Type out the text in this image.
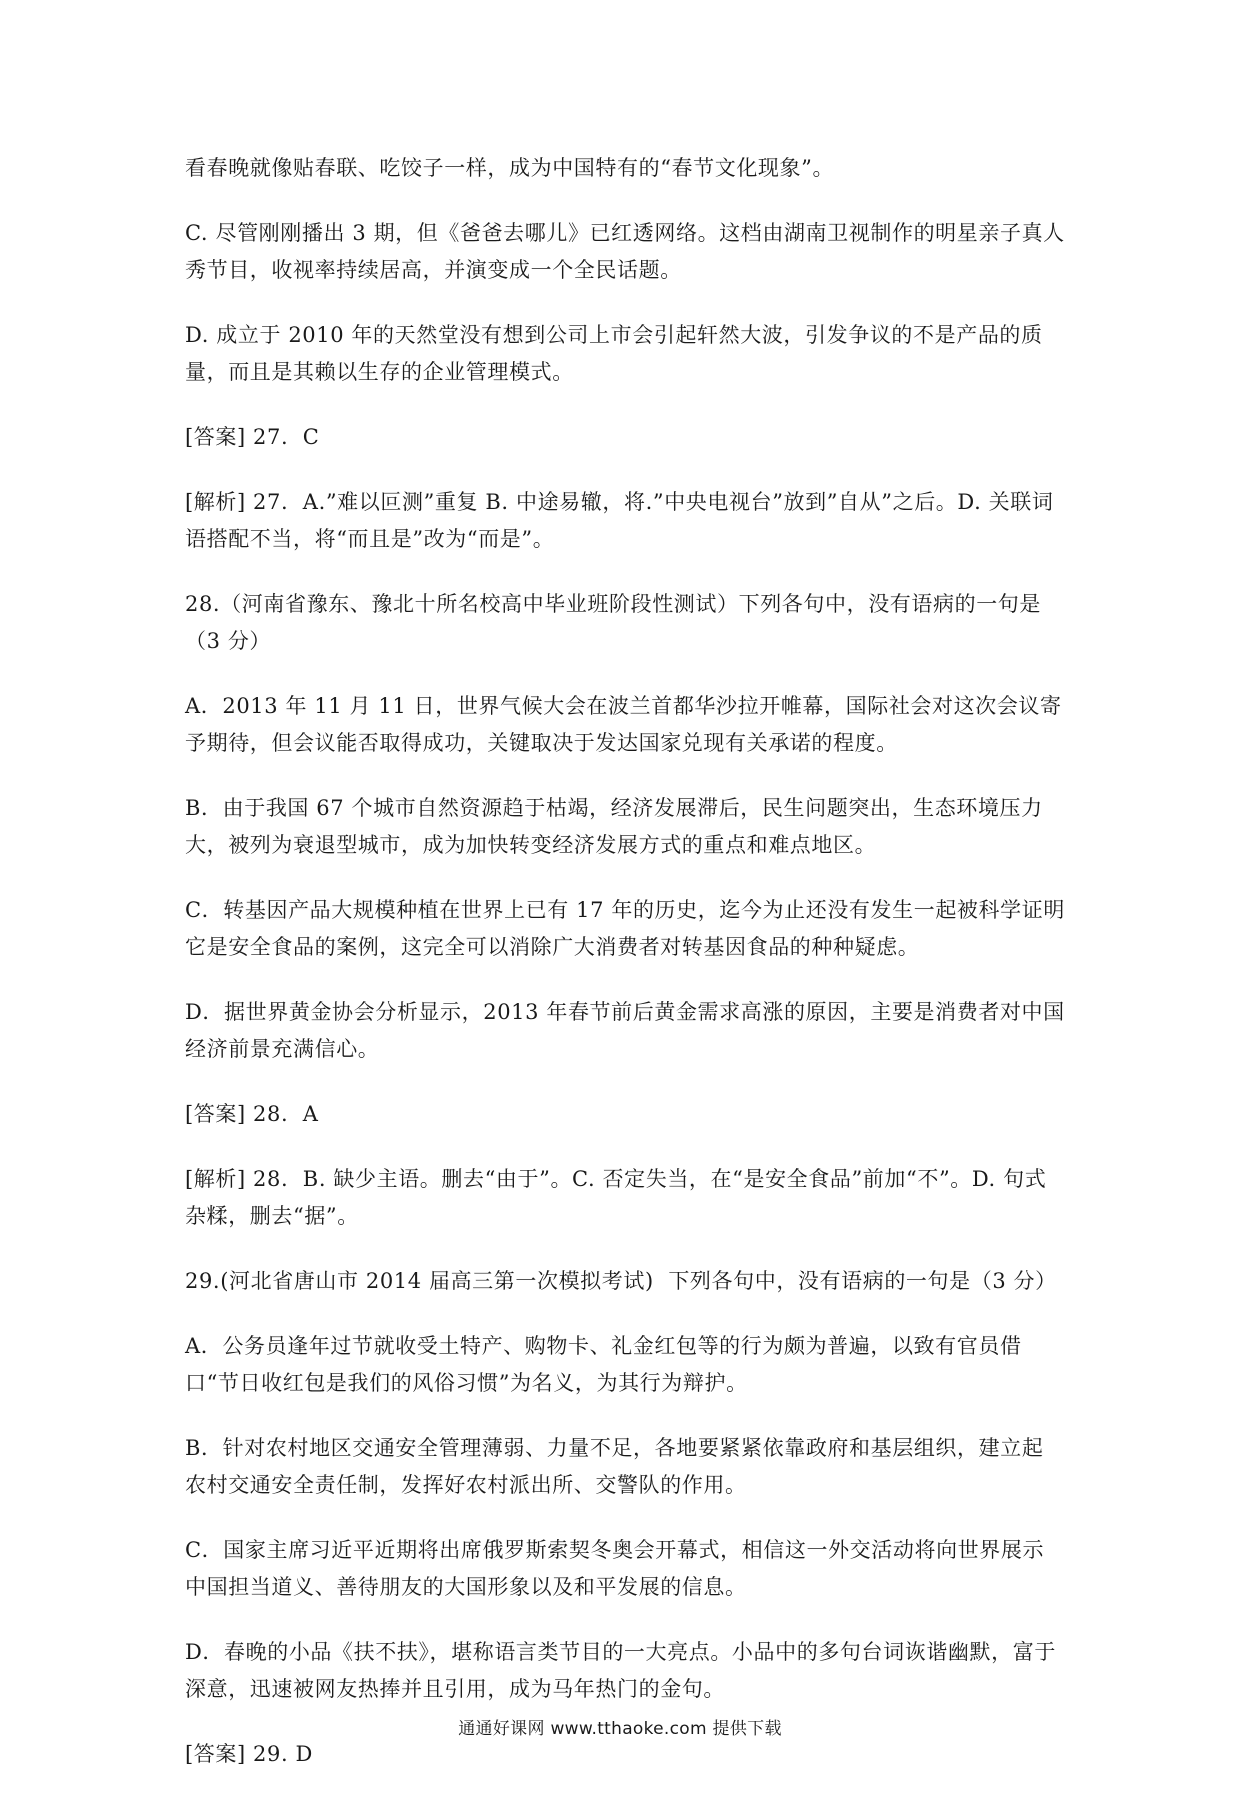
看春晚就像贴春联、吃饺子一样，成为中国特有的“春节文化现象”。

C. 尽管刚刚播出 3 期，但《爸爸去哪儿》已红透网络。这档由湖南卫视制作的明星亲子真人秀节目，收视率持续居高，并演变成一个全民话题。

D. 成立于 2010 年的天然堂没有想到公司上市会引起轩然大波，引发争议的不是产品的质量，而且是其赖以生存的企业管理模式。

[答案] 27.  C

[解析] 27.  A.”难以叵测”重复 B. 中途易辙，将.”中央电视台”放到”自从”之后。D. 关联词语搭配不当，将“而且是”改为“而是”。

28.（河南省豫东、豫北十所名校高中毕业班阶段性测试）下列各句中，没有语病的一句是（3 分）

A．2013 年 11 月 11 日，世界气候大会在波兰首都华沙拉开帷幕，国际社会对这次会议寄予期待，但会议能否取得成功，关键取决于发达国家兑现有关承诺的程度。

B．由于我国 67 个城市自然资源趋于枯竭，经济发展滞后，民生问题突出，生态环境压力大，被列为衰退型城市，成为加快转变经济发展方式的重点和难点地区。

C．转基因产品大规模种植在世界上已有 17 年的历史，迄今为止还没有发生一起被科学证明它是安全食品的案例，这完全可以消除广大消费者对转基因食品的种种疑虑。

D．据世界黄金协会分析显示，2013 年春节前后黄金需求高涨的原因，主要是消费者对中国经济前景充满信心。

[答案] 28.  A

[解析] 28.  B. 缺少主语。删去“由于”。C. 否定失当，在“是安全食品”前加“不”。D. 句式杂糅，删去“据”。

29.(河北省唐山市 2014 届高三第一次模拟考试)  下列各句中，没有语病的一句是（3 分）

A．公务员逢年过节就收受土特产、购物卡、礼金红包等的行为颇为普遍，以致有官员借口“节日收红包是我们的风俗习惯”为名义，为其行为辩护。

B．针对农村地区交通安全管理薄弱、力量不足，各地要紧紧依靠政府和基层组织，建立起农村交通安全责任制，发挥好农村派出所、交警队的作用。

C．国家主席习近平近期将出席俄罗斯索契冬奥会开幕式，相信这一外交活动将向世界展示中国担当道义、善待朋友的大国形象以及和平发展的信息。

D．春晚的小品《扶不扶》，堪称语言类节目的一大亮点。小品中的多句台词诙谐幽默，富于深意，迅速被网友热捧并且引用，成为马年热门的金句。

[答案] 29. D

通通好课网 www.tthaoke.com 提供下载
